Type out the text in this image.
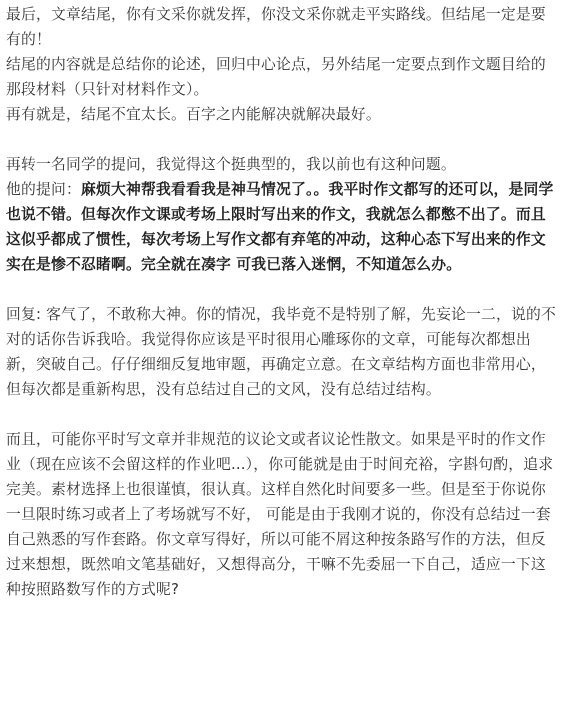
最后，文章结尾，你有文采你就发挥，你没文采你就走平实路线。但结尾一定是要有的！

结尾的内容就是总结你的论述，回归中心论点，另外结尾一定要点到作文题目给的那段材料（只针对材料作文）。

再有就是，结尾不宜太长。百字之内能解决就解决最好。

再转一名同学的提问，我觉得这个挺典型的，我以前也有这种问题。

他的提问：麻烦大神帮我看看我是神马情况了。。我平时作文都写的还可以，是同学也说不错。但每次作文课或考场上限时写出来的作文，我就怎么都憋不出了。而且这似乎都成了惯性，每次考场上写作文都有弃笔的冲动，这种心态下写出来的作文实在是惨不忍睹啊。完全就在凑字 可我已落入迷惘，不知道怎么办。

回复: 客气了，不敢称大神。你的情况，我毕竟不是特别了解，先妄论一二，说的不对的话你告诉我哈。我觉得你应该是平时很用心雕琢你的文章，可能每次都想出新，突破自己。仔仔细细反复地审题，再确定立意。在文章结构方面也非常用心，但每次都是重新构思，没有总结过自己的文风，没有总结过结构。

而且，可能你平时写文章并非规范的议论文或者议论性散文。如果是平时的作文作业（现在应该不会留这样的作业吧...），你可能就是由于时间充裕，字斟句酌，追求完美。素材选择上也很谨慎，很认真。这样自然化时间要多一些。但是至于你说你一旦限时练习或者上了考场就写不好， 可能是由于我刚才说的，你没有总结过一套自己熟悉的写作套路。你文章写得好，所以可能不屑这种按条路写作的方法，但反过来想想，既然咱文笔基础好，又想得高分，干嘛不先委屈一下自己，适应一下这种按照路数写作的方式呢?
